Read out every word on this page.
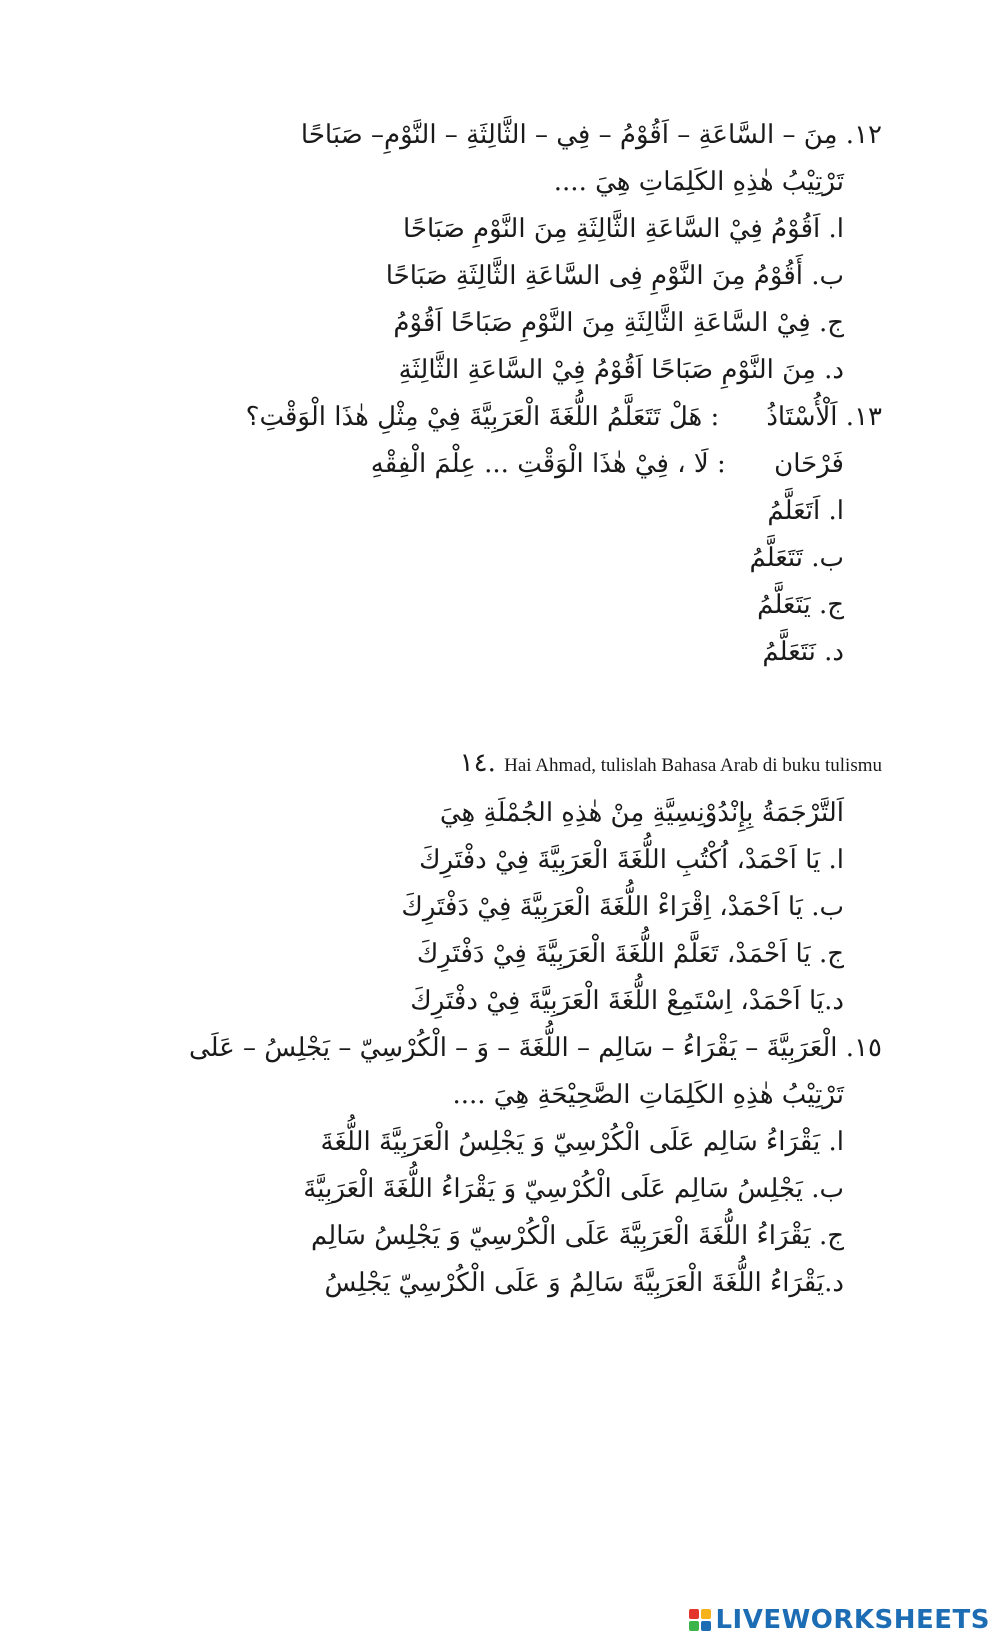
١٢. مِنَ – السَّاعَةِ – اَقُوْمُ – فِي – الثَّالِثَةِ – النَّوْمِ– صَبَاحًا
تَرْتِيْبُ هٰذِهِ الكَلِمَاتِ هِيَ ....
ا. اَقُوْمُ فِيْ السَّاعَةِ الثَّالِثَةِ مِنَ النَّوْمِ صَبَاحًا
ب. أَقُوْمُ مِنَ النَّوْمِ فِى السَّاعَةِ الثَّالِثَةِ صَبَاحًا
ج. فِيْ السَّاعَةِ الثَّالِثَةِ مِنَ النَّوْمِ صَبَاحًا اَقُوْمُ
د. مِنَ النَّوْمِ صَبَاحًا اَقُوْمُ فِيْ السَّاعَةِ الثَّالِثَةِ
١٣. اَلْأُسْتَاذُ : هَلْ تَتَعَلَّمُ اللُّغَةَ الْعَرَبِيَّةَ فِيْ مِثْلِ هٰذَا الْوَقْتِ؟
فَرْحَان : لَا ، فِيْ هٰذَا الْوَقْتِ ... عِلْمَ الْفِقْهِ
ا. اَتَعَلَّمُ
ب. تَتَعَلَّمُ
ج. يَتَعَلَّمُ
د. نَتَعَلَّمُ
١٤. Hai Ahmad, tulislah Bahasa Arab di buku tulismu
اَلتَّرْجَمَةُ بِإِنْدُوْنِسِيَّةِ مِنْ هٰذِهِ الجُمْلَةِ هِيَ
ا. يَا اَحْمَدْ، اُكْتُبِ اللُّغَةَ الْعَرَبِيَّةَ فِيْ دفْتَرِكَ
ب. يَا اَحْمَدْ، اِقْرَاءْ اللُّغَةَ الْعَرَبِيَّةَ فِيْ دَفْتَرِكَ
ج. يَا اَحْمَدْ، تَعَلَّمْ اللُّغَةَ الْعَرَبِيَّةَ فِيْ دَفْتَرِكَ
د.يَا اَحْمَدْ، اِسْتَمِعْ اللُّغَةَ الْعَرَبِيَّةَ فِيْ دفْتَرِكَ
١٥. الْعَرَبِيَّةَ – يَقْرَاءُ – سَالِم – اللُّغَةَ – وَ – الْكُرْسِيّ – يَجْلِسُ – عَلَى
تَرْتِيْبُ هٰذِهِ الكَلِمَاتِ الصَّحِيْحَةِ هِيَ ....
ا. يَقْرَاءُ سَالِم عَلَى الْكُرْسِيّ وَ يَجْلِسُ الْعَرَبِيَّةَ اللُّغَةَ
ب. يَجْلِسُ سَالِم عَلَى الْكُرْسِيّ وَ يَقْرَاءُ اللُّغَةَ الْعَرَبِيَّةَ
ج. يَقْرَاءُ اللُّغَةَ الْعَرَبِيَّةَ عَلَى الْكُرْسِيّ وَ يَجْلِسُ سَالِم
د.يَقْرَاءُ اللُّغَةَ الْعَرَبِيَّةَ سَالِمُ وَ عَلَى الْكُرْسِيّ يَجْلِسُ
LIVEWORKSHEETS
